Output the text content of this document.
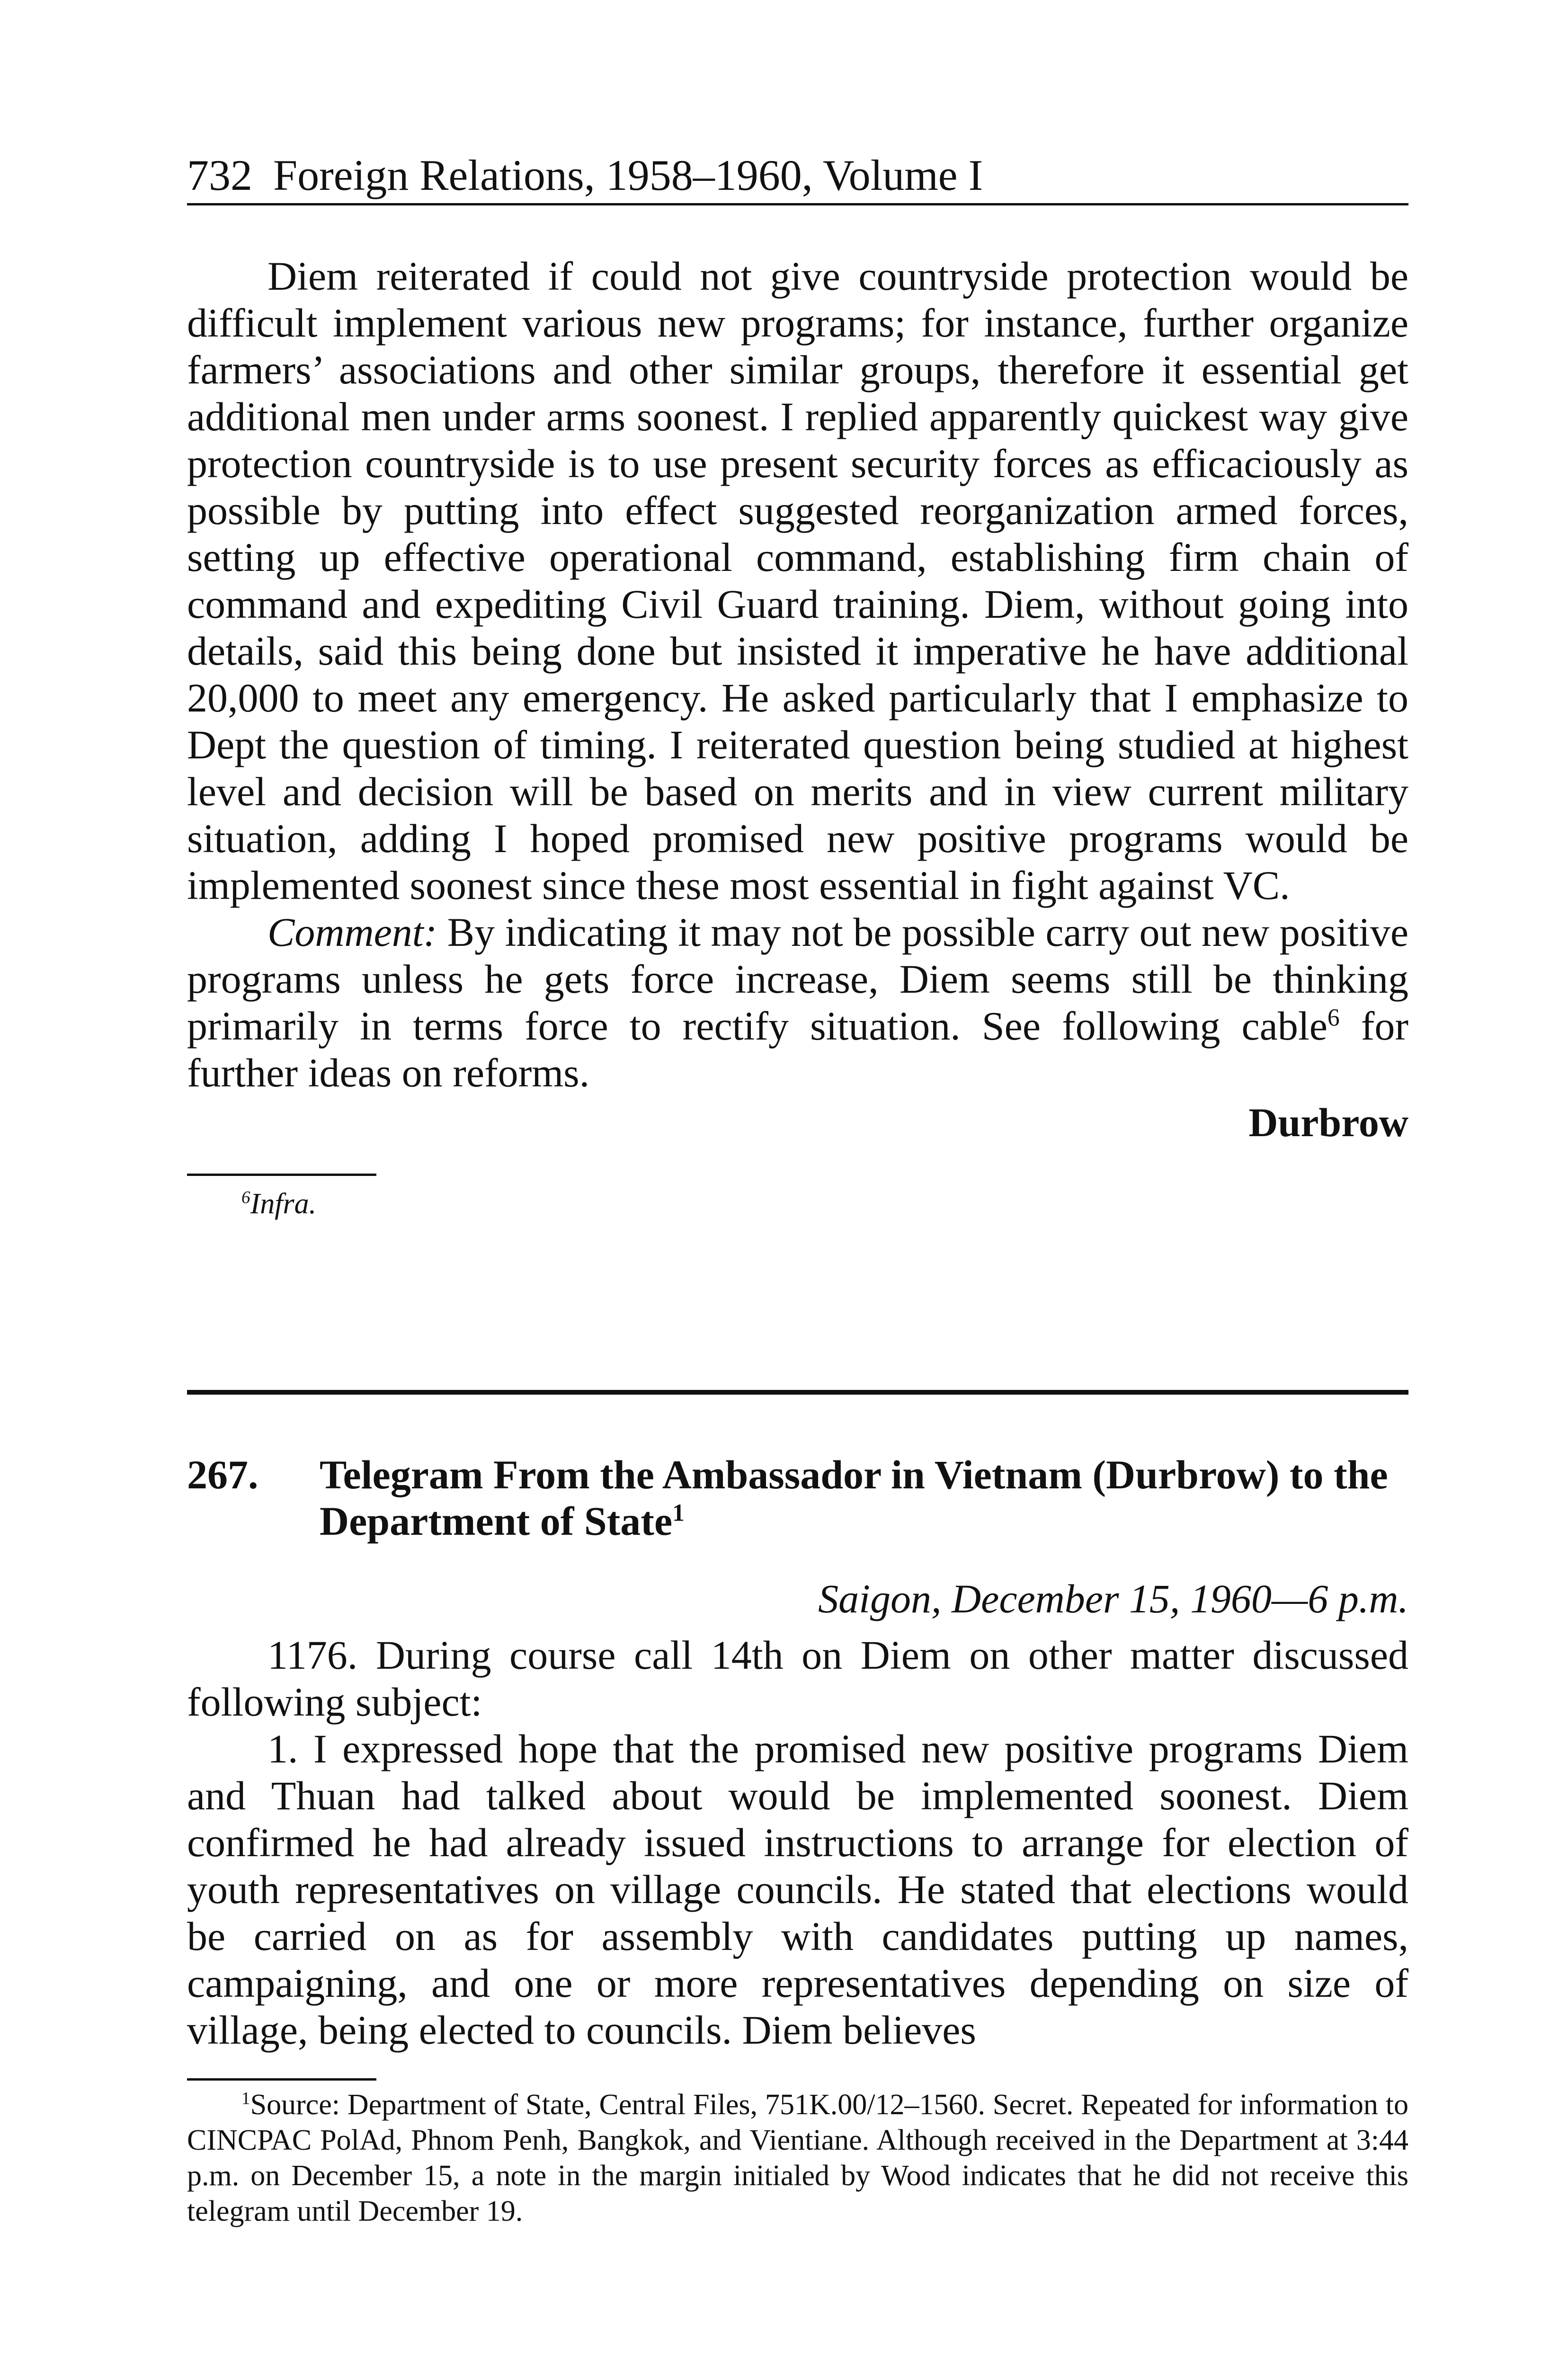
732 Foreign Relations, 1958–1960, Volume I

Diem reiterated if could not give countryside protection would be difficult implement various new programs; for instance, further organize farmers’ associations and other similar groups, therefore it essential get additional men under arms soonest. I replied apparently quickest way give protection countryside is to use present security forces as efficaciously as possible by putting into effect suggested reorganization armed forces, setting up effective operational command, establishing firm chain of command and expediting Civil Guard training. Diem, without going into details, said this being done but insisted it imperative he have additional 20,000 to meet any emergency. He asked particularly that I emphasize to Dept the question of timing. I reiterated question being studied at highest level and decision will be based on merits and in view current military situation, adding I hoped promised new positive programs would be implemented soonest since these most essential in fight against VC.

Comment: By indicating it may not be possible carry out new positive programs unless he gets force increase, Diem seems still be thinking primarily in terms force to rectify situation. See following cable$^6$ for further ideas on reforms.

Durbrow

$^6$Infra.

267.	Telegram From the Ambassador in Vietnam (Durbrow) to the Department of State$^1$
Saigon, December 15, 1960—6 p.m.

1176. During course call 14th on Diem on other matter discussed following subject:

1. I expressed hope that the promised new positive programs Diem and Thuan had talked about would be implemented soonest. Diem confirmed he had already issued instructions to arrange for election of youth representatives on village councils. He stated that elections would be carried on as for assembly with candidates putting up names, campaigning, and one or more representatives depending on size of village, being elected to councils. Diem believes

$^1$Source: Department of State, Central Files, 751K.00/12–1560. Secret. Repeated for information to CINCPAC PolAd, Phnom Penh, Bangkok, and Vientiane. Although received in the Department at 3:44 p.m. on December 15, a note in the margin initialed by Wood indicates that he did not receive this telegram until December 19.
